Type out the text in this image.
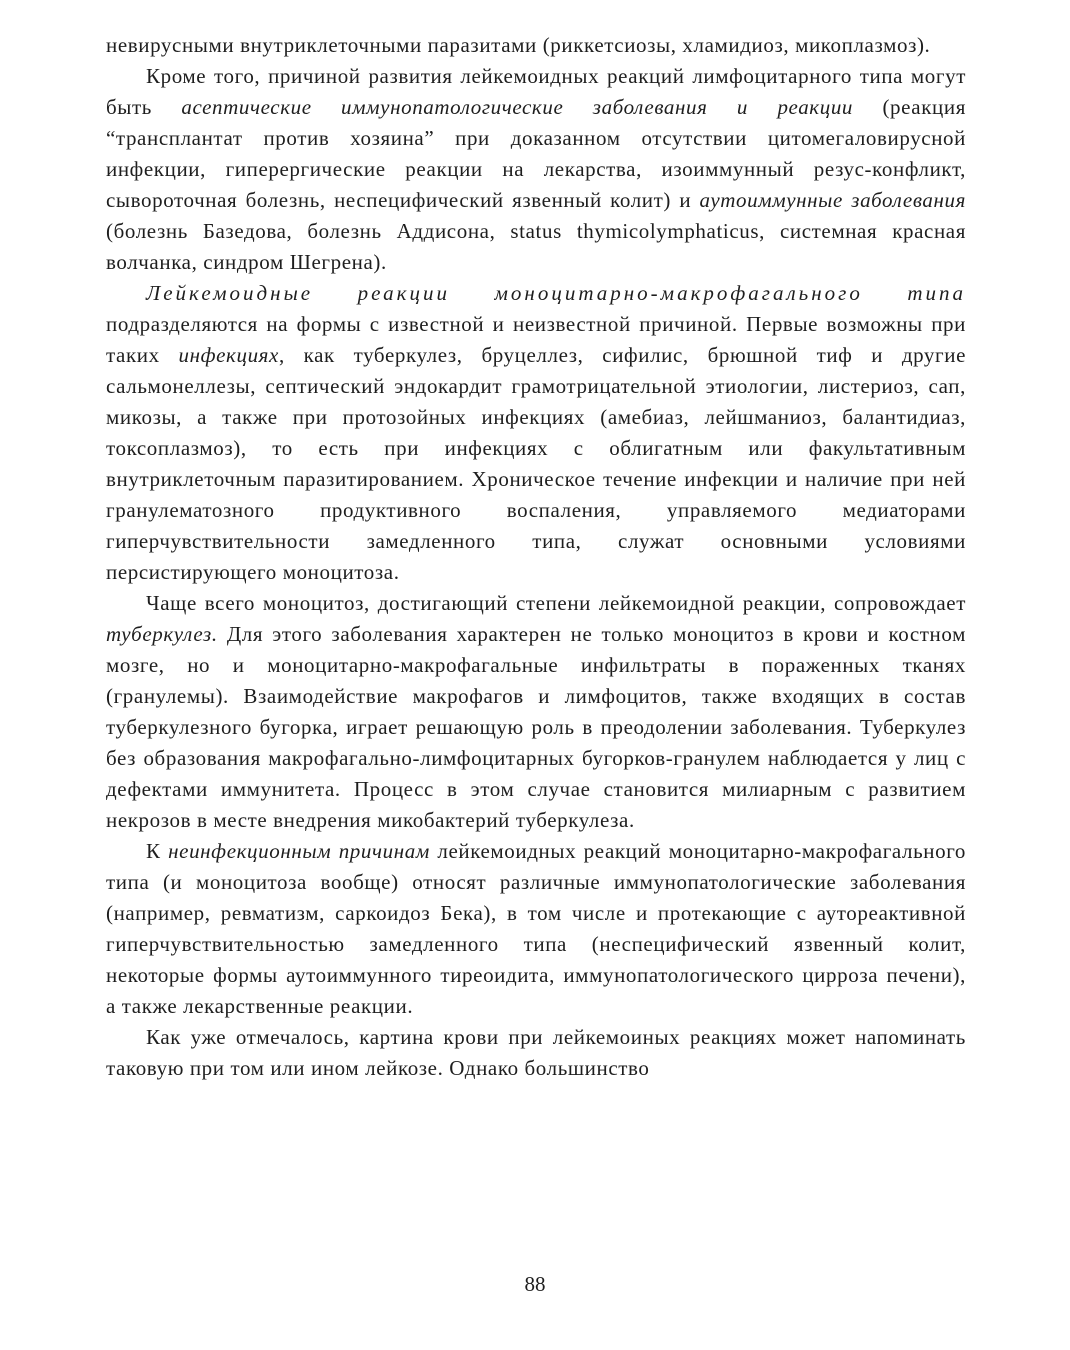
невирусными внутриклеточными паразитами (риккетсиозы, хламидиоз, микоплазмоз).

Кроме того, причиной развития лейкемоидных реакций лимфоцитарного типа могут быть асептические иммунопатологические заболевания и реакции (реакция “трансплантат против хозяина” при доказанном отсутствии цитомегаловирусной инфекции, гиперергические реакции на лекарства, изоиммунный резус-конфликт, сывороточная болезнь, неспецифический язвенный колит) и аутоиммунные заболевания (болезнь Базедова, болезнь Аддисона, status thymicolymphaticus, системная красная волчанка, синдром Шегрена).

Лейкемоидные реакции моноцитарно-макрофагального типа подразделяются на формы с известной и неизвестной причиной. Первые возможны при таких инфекциях, как туберкулез, бруцеллез, сифилис, брюшной тиф и другие сальмонеллезы, септический эндокардит грамотрицательной этиологии, листериоз, сап, микозы, а также при протозойных инфекциях (амебиаз, лейшманиоз, балантидиаз, токсоплазмоз), то есть при инфекциях с облигатным или факультативным внутриклеточным паразитированием. Хроническое течение инфекции и наличие при ней гранулематозного продуктивного воспаления, управляемого медиаторами гиперчувствительности замедленного типа, служат основными условиями персистирующего моноцитоза.

Чаще всего моноцитоз, достигающий степени лейкемоидной реакции, сопровождает туберкулез. Для этого заболевания характерен не только моноцитоз в крови и костном мозге, но и моноцитарно-макрофагальные инфильтраты в пораженных тканях (гранулемы). Взаимодействие макрофагов и лимфоцитов, также входящих в состав туберкулезного бугорка, играет решающую роль в преодолении заболевания. Туберкулез без образования макрофагально-лимфоцитарных бугорков-гранулем наблюдается у лиц с дефектами иммунитета. Процесс в этом случае становится милиарным с развитием некрозов в месте внедрения микобактерий туберкулеза.

К неинфекционным причинам лейкемоидных реакций моноцитарно-макрофагального типа (и моноцитоза вообще) относят различные иммунопатологические заболевания (например, ревматизм, саркоидоз Бека), в том числе и протекающие с аутореактивной гиперчувствительностью замедленного типа (неспецифический язвенный колит, некоторые формы аутоиммунного тиреоидита, иммунопатологического цирроза печени), а также лекарственные реакции.

Как уже отмечалось, картина крови при лейкемоиных реакциях может напоминать таковую при том или ином лейкозе. Однако большинство

88
